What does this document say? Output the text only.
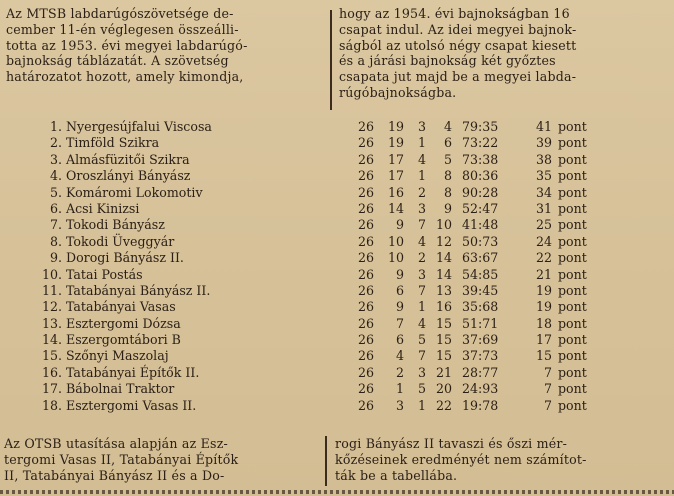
Az MTSB labdarúgószövetsége de-
cember 11-én véglegesen összeálli-
totta az 1953. évi megyei labdarúgó-
bajnokság táblázatát. A szövetség
határozatot hozott, amely kimondja,

hogy az 1954. évi bajnokságban 16
csapat indul. Az idei megyei bajnok-
ságból az utolsó négy csapat kiesett
és a járási bajnokság két győztes
csapata jut majd be a megyei labda-
rúgóbajnokságba.

1. Nyergesújfalui Viscosa	26	19	3	4 79:35	41 pont
2. Timföld Szikra	26	19	1	6 73:22	39 pont
3. Almásfüzitői Szikra	26	17	4	5 73:38	38 pont
4. Oroszlányi Bányász	26	17	1	8 80:36	35 pont
5. Komáromi Lokomotiv	26	16	2	8 90:28	34 pont
6. Acsi Kinizsi	26	14	3	9 52:47	31 pont
7. Tokodi Bányász	26	9	7 10 41:48	25 pont
8. Tokodi Üveggyár	26	10	4 12 50:73	24 pont
9. Dorogi Bányász II.	26	10	2 14 63:67	22 pont
10. Tatai Postás	26	9	3 14 54:85	21 pont
11. Tatabányai Bányász II.	26	6	7 13 39:45	19 pont
12. Tatabányai Vasas	26	9	1 16 35:68	19 pont
13. Esztergomi Dózsa	26	7	4 15 51:71	18 pont
14. Eszergomtábori B	26	6	5 15 37:69	17 pont
15. Szőnyi Maszolaj	26	4	7 15 37:73	15 pont
16. Tatabányai Építők II.	26	2	3 21 28:77	7 pont
17. Bábolnai Traktor	26	1	5 20 24:93	7 pont
18. Esztergomi Vasas II.	26	3	1 22 19:78	7 pont

Az OTSB utasítása alapján az Esz-
tergomi Vasas II, Tatabányai Építők
II, Tatabányai Bányász II és a Do-

rogi Bányász II tavaszi és őszi mér-
kőzéseinek eredményét nem számítot-
ták be a tabellába.
